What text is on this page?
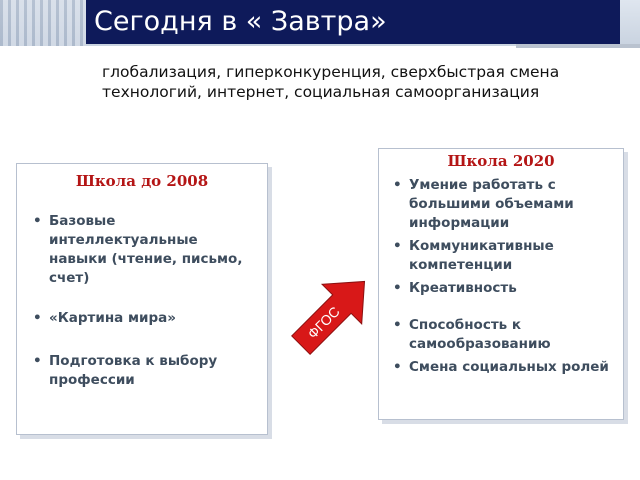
Сегодня в « Завтра»
глобализация, гиперконкуренция, сверхбыстрая смена технологий, интернет, социальная самоорганизация
Школа до 2008
• Базовые интеллектуальные навыки (чтение, письмо, счет)
• «Картина мира»
• Подготовка к выбору профессии
Школа 2020
• Умение работать с большими объемами информации
• Коммуникативные компетенции
• Креативность
• Способность к самообразованию
• Смена социальных ролей
ФГОС
